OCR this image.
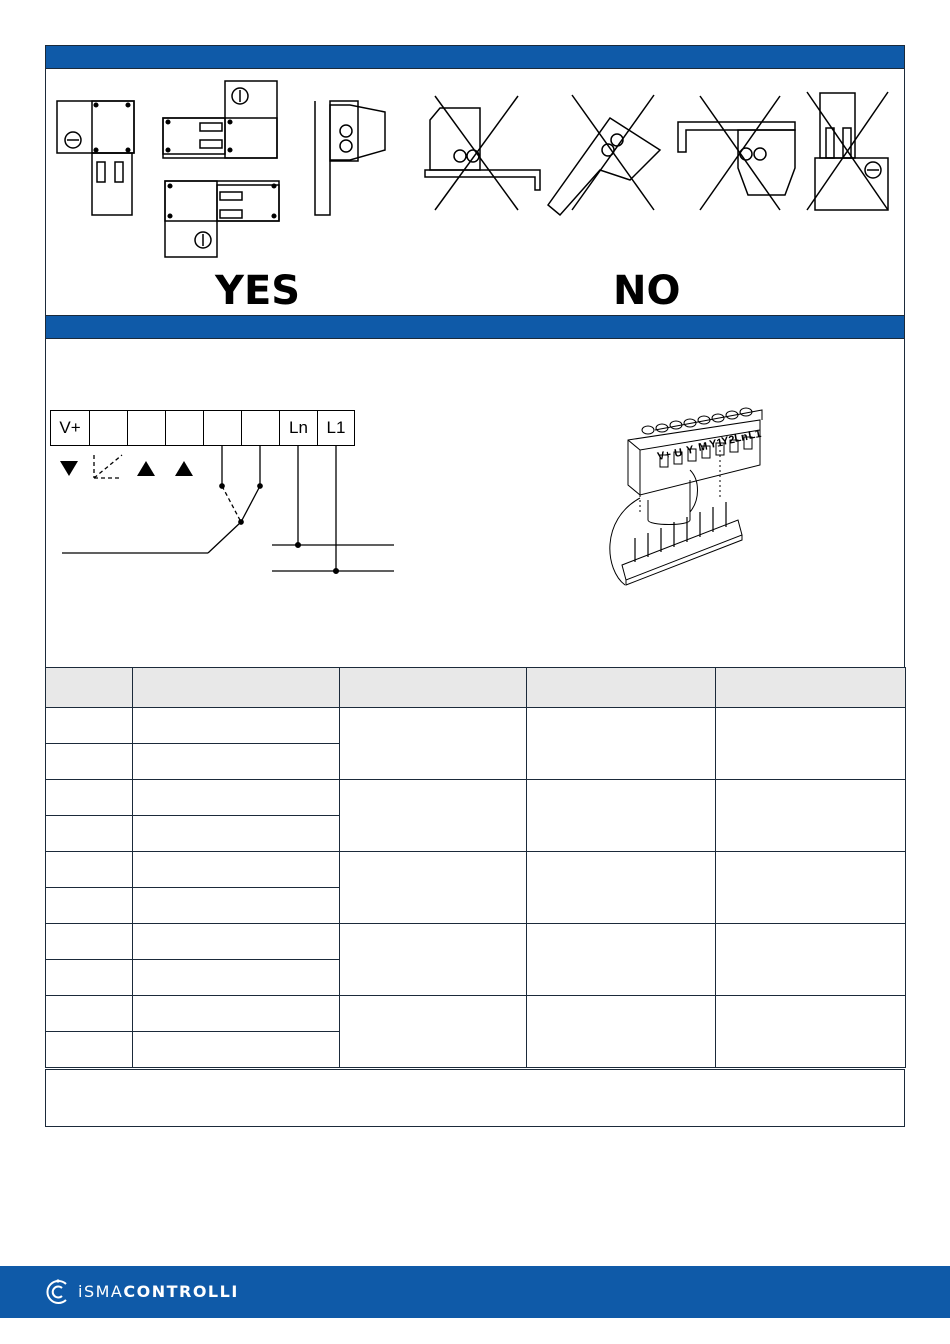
YES	NO
V+	Ln	L1
V+ U Y M Y1
Y2
Ln
L1

iSMACONTROLLI
